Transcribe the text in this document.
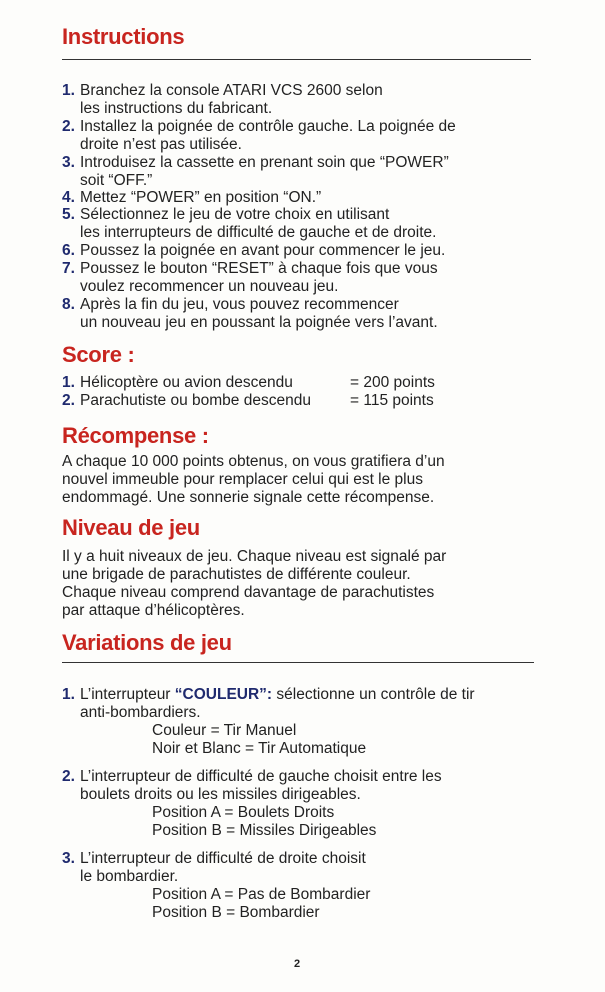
Instructions
1. Branchez la console ATARI VCS 2600 selon
les instructions du fabricant.
2. Installez la poignée de contrôle gauche. La poignée de
droite n’est pas utilisée.
3. Introduisez la cassette en prenant soin que “POWER”
soit “OFF.”
4. Mettez “POWER” en position “ON.”
5. Sélectionnez le jeu de votre choix en utilisant
les interrupteurs de difficulté de gauche et de droite.
6. Poussez la poignée en avant pour commencer le jeu.
7. Poussez le bouton “RESET” à chaque fois que vous
voulez recommencer un nouveau jeu.
8. Après la fin du jeu, vous pouvez recommencer
un nouveau jeu en poussant la poignée vers l’avant.
Score :
1. Hélicoptère ou avion descendu	= 200 points
2. Parachutiste ou bombe descendu	= 115 points
Récompense :
A chaque 10 000 points obtenus, on vous gratifiera d’un
nouvel immeuble pour remplacer celui qui est le plus
endommagé. Une sonnerie signale cette récompense.
Niveau de jeu
Il y a huit niveaux de jeu. Chaque niveau est signalé par
une brigade de parachutistes de différente couleur.
Chaque niveau comprend davantage de parachutistes
par attaque d’hélicoptères.
Variations de jeu
1. L’interrupteur “COULEUR”: sélectionne un contrôle de tir
anti-bombardiers.
Couleur = Tir Manuel
Noir et Blanc = Tir Automatique
2. L’interrupteur de difficulté de gauche choisit entre les
boulets droits ou les missiles dirigeables.
Position A = Boulets Droits
Position B = Missiles Dirigeables
3. L’interrupteur de difficulté de droite choisit
le bombardier.
Position A = Pas de Bombardier
Position B = Bombardier
2
